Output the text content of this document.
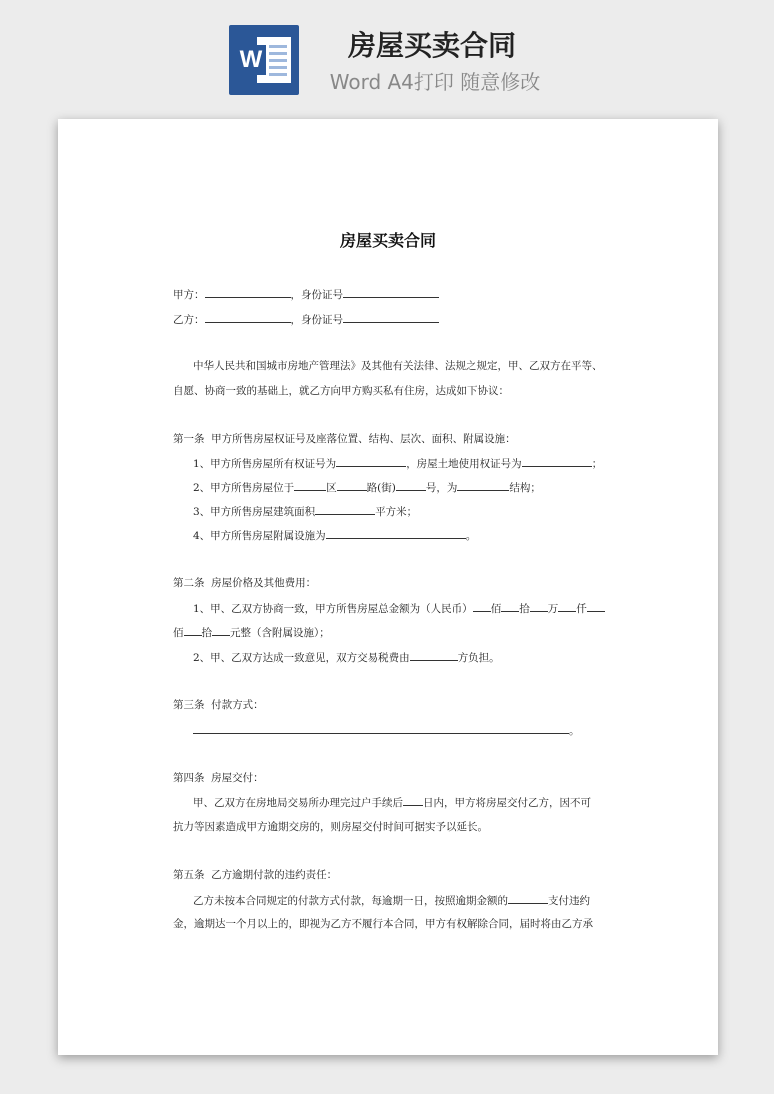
W	房屋买卖合同
Word A4打印 随意修改
房屋买卖合同
甲方：	，身份证号
乙方：	，身份证号
中华人民共和国城市房地产管理法》及其他有关法律、法规之规定，甲、乙双方在平等、
自愿、协商一致的基础上，就乙方向甲方购买私有住房，达成如下协议：
第一条  甲方所售房屋权证号及座落位置、结构、层次、面积、附属设施：
1、甲方所售房屋所有权证号为	，房屋土地使用权证号为	；
2、甲方所售房屋位于	区	路(街)	号，为	结构；
3、甲方所售房屋建筑面积	平方米；
4、甲方所售房屋附属设施为	。
第二条  房屋价格及其他费用：
1、甲、乙双方协商一致，甲方所售房屋总金额为（人民币） 佰 拾 万 仟
佰 拾 元整（含附属设施）；
2、甲、乙双方达成一致意见，双方交易税费由	方负担。
第三条  付款方式：
。
第四条  房屋交付：
甲、乙双方在房地局交易所办理完过户手续后 日内，甲方将房屋交付乙方，因不可
抗力等因素造成甲方逾期交房的，则房屋交付时间可据实予以延长。
第五条  乙方逾期付款的违约责任：
乙方未按本合同规定的付款方式付款，每逾期一日，按照逾期金额的	支付违约
金，逾期达一个月以上的，即视为乙方不履行本合同，甲方有权解除合同，届时将由乙方承
